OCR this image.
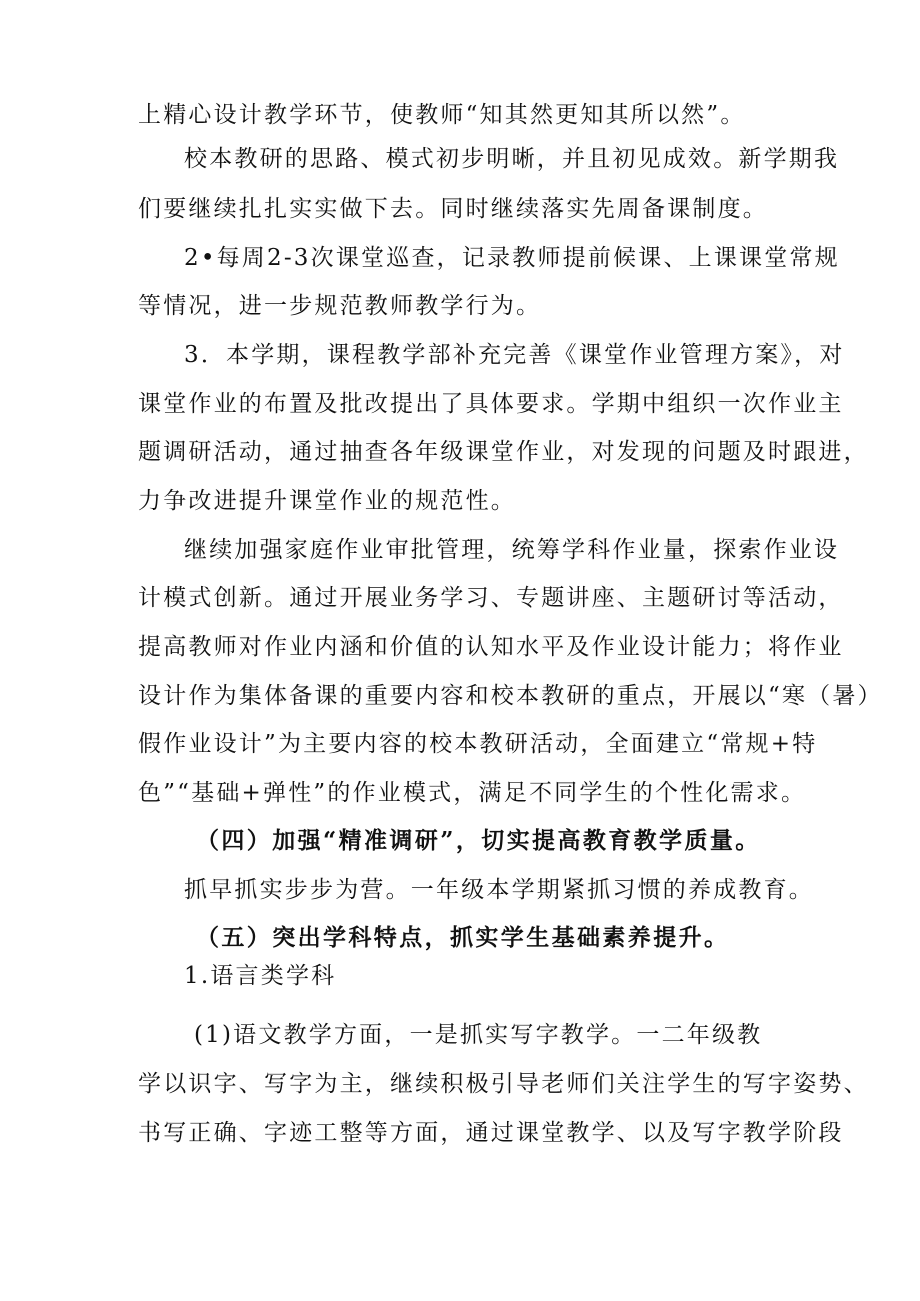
上精心设计教学环节，使教师“知其然更知其所以然”。
校本教研的思路、模式初步明晰，并且初见成效。新学期我
们要继续扎扎实实做下去。同时继续落实先周备课制度。
2•每周2-3次课堂巡查，记录教师提前候课、上课课堂常规
等情况，进一步规范教师教学行为。
3．本学期，课程教学部补充完善《课堂作业管理方案》，对
课堂作业的布置及批改提出了具体要求。学期中组织一次作业主
题调研活动，通过抽查各年级课堂作业，对发现的问题及时跟进，
力争改进提升课堂作业的规范性。
继续加强家庭作业审批管理，统筹学科作业量，探索作业设
计模式创新。通过开展业务学习、专题讲座、主题研讨等活动，
提高教师对作业内涵和价值的认知水平及作业设计能力；将作业
设计作为集体备课的重要内容和校本教研的重点，开展以“寒（暑）
假作业设计”为主要内容的校本教研活动，全面建立“常规+特
色”“基础+弹性”的作业模式，满足不同学生的个性化需求。
（四）加强“精准调研”，切实提高教育教学质量。
抓早抓实步步为营。一年级本学期紧抓习惯的养成教育。
（五）突出学科特点，抓实学生基础素养提升。
1.语言类学科
(1)语文教学方面，一是抓实写字教学。一二年级教
学以识字、写字为主，继续积极引导老师们关注学生的写字姿势、
书写正确、字迹工整等方面，通过课堂教学、以及写字教学阶段
